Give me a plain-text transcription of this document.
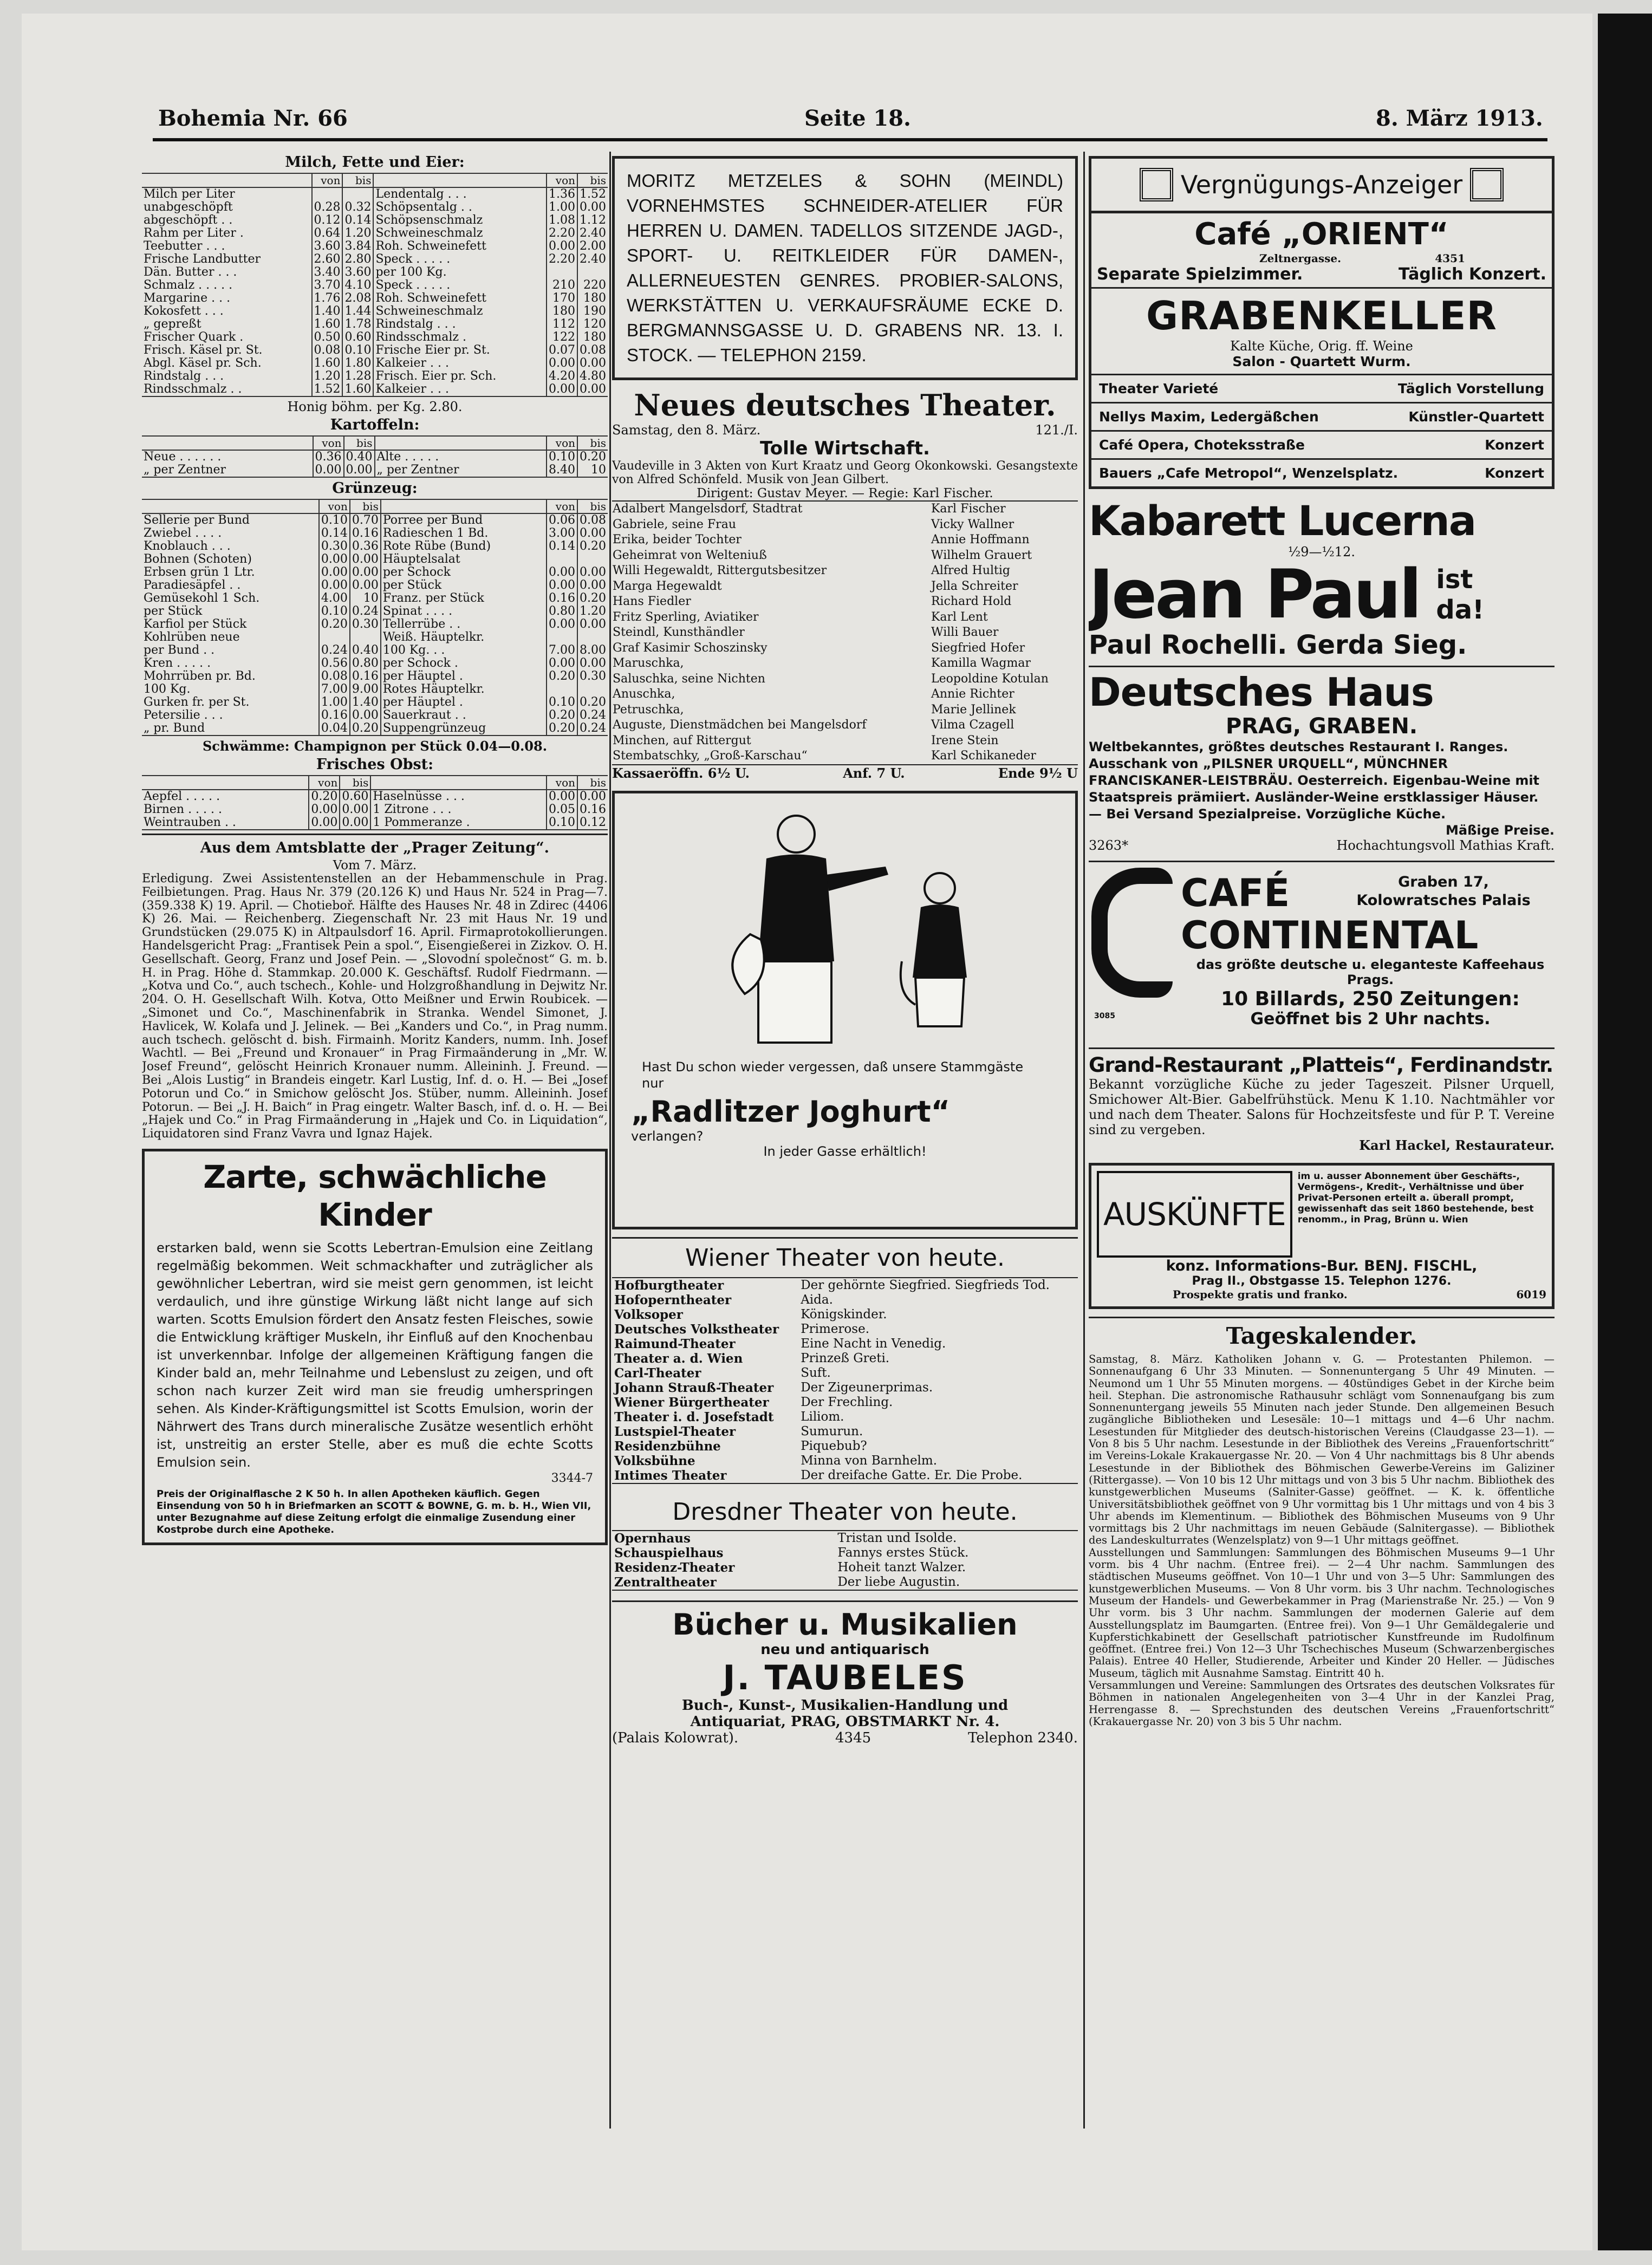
Bohemia Nr. 66	Seite 18.	8. März 1913.
Milch, Fette und Eier:
	von	bis		von	bis
Milch per Liter			Lendentalg . . .	1.36	1.52
unabgeschöpft	0.28	0.32	Schöpsentalg . .	1.00	0.00
abgeschöpft . .	0.12	0.14	Schöpsenschmalz	1.08	1.12
Rahm per Liter .	0.64	1.20	Schweineschmalz	2.20	2.40
Teebutter . . .	3.60	3.84	Roh. Schweinefett	0.00	2.00
Frische Landbutter	2.60	2.80	Speck . . . . .	2.20	2.40
Dän. Butter . . .	3.40	3.60	per 100 Kg.		
Schmalz . . . . .	3.70	4.10	Speck . . . . .	210	220
Margarine . . .	1.76	2.08	Roh. Schweinefett	170	180
Kokosfett . . .	1.40	1.44	Schweineschmalz	180	190
„ gepreßt	1.60	1.78	Rindstalg . . .	112	120
Frischer Quark .	0.50	0.60	Rindsschmalz .	122	180
Frisch. Käsel pr. St.	0.08	0.10	Frische Eier pr. St.	0.07	0.08
Abgl. Käsel pr. Sch.	1.60	1.80	Kalkeier . . .	0.00	0.00
Rindstalg . . .	1.20	1.28	Frisch. Eier pr. Sch.	4.20	4.80
Rindsschmalz . .	1.52	1.60	Kalkeier . . .	0.00	0.00
Honig böhm. per Kg. 2.80.
Kartoffeln:
	von	bis		von	bis
Neue . . . . . .	0.36	0.40	Alte . . . . .	0.10	0.20
„ per Zentner	0.00	0.00	„ per Zentner	8.40	10
Grünzeug:
	von	bis		von	bis
Sellerie per Bund	0.10	0.70	Porree per Bund	0.06	0.08
Zwiebel . . . .	0.14	0.16	Radieschen 1 Bd.	3.00	0.00
Knoblauch . . .	0.30	0.36	Rote Rübe (Bund)	0.14	0.20
Bohnen (Schoten)	0.00	0.00	Häuptelsalat		
Erbsen grün 1 Ltr.	0.00	0.00	per Schock	0.00	0.00
Paradiesäpfel . .	0.00	0.00	per Stück	0.00	0.00
Gemüsekohl 1 Sch.	4.00	10	Franz. per Stück	0.16	0.20
per Stück	0.10	0.24	Spinat . . . .	0.80	1.20
Karfiol per Stück	0.20	0.30	Tellerrübe . .	0.00	0.00
Kohlrüben neue			Weiß. Häuptelkr.		
per Bund . .	0.24	0.40	100 Kg. . .	7.00	8.00
Kren . . . . .	0.56	0.80	per Schock .	0.00	0.00
Mohrrüben pr. Bd.	0.08	0.16	per Häuptel .	0.20	0.30
100 Kg.	7.00	9.00	Rotes Häuptelkr.		
Gurken fr. per St.	1.00	1.40	per Häuptel .	0.10	0.20
Petersilie . . .	0.16	0.00	Sauerkraut . .	0.20	0.24
„ pr. Bund	0.04	0.20	Suppengrünzeug	0.20	0.24
Schwämme: Champignon per Stück 0.04—0.08.
Frisches Obst:
	von	bis		von	bis
Aepfel . . . . .	0.20	0.60	Haselnüsse . . .	0.00	0.00
Birnen . . . . .	0.00	0.00	1 Zitrone . . .	0.05	0.16
Weintrauben . .	0.00	0.00	1 Pommeranze .	0.10	0.12
Aus dem Amtsblatte der „Prager Zeitung“.
Vom 7. März.
Erledigung. Zwei Assistentenstellen an der Hebammenschule in Prag. Feilbietungen. Prag. Haus Nr. 379 (20.126 K) und Haus Nr. 524 in Prag—7. (359.338 K) 19. April. — Chotieboř. Hälfte des Hauses Nr. 48 in Zdirec (4406 K) 26. Mai. — Reichenberg. Ziegenschaft Nr. 23 mit Haus Nr. 19 und Grundstücken (29.075 K) in Altpaulsdorf 16. April. Firmaprotokollierungen. Handelsgericht Prag: „Frantisek Pein a spol.“, Eisengießerei in Zizkov. O. H. Gesellschaft. Georg, Franz und Josef Pein. — „Slovodní společnost“ G. m. b. H. in Prag. Höhe d. Stammkap. 20.000 K. Geschäftsf. Rudolf Fiedrmann. — „Kotva und Co.“, auch tschech., Kohle- und Holzgroßhandlung in Dejwitz Nr. 204. O. H. Gesellschaft Wilh. Kotva, Otto Meißner und Erwin Roubicek. — „Simonet und Co.“, Maschinenfabrik in Stranka. Wendel Simonet, J. Havlicek, W. Kolafa und J. Jelinek. — Bei „Kanders und Co.“, in Prag numm. auch tschech. gelöscht d. bish. Firmainh. Moritz Kanders, numm. Inh. Josef Wachtl. — Bei „Freund und Kronauer“ in Prag Firmaänderung in „Mr. W. Josef Freund“, gelöscht Heinrich Kronauer numm. Alleininh. J. Freund. — Bei „Alois Lustig“ in Brandeis eingetr. Karl Lustig, Inf. d. o. H. — Bei „Josef Potorun und Co.“ in Smichow gelöscht Jos. Stüber, numm. Alleininh. Josef Potorun. — Bei „J. H. Baich“ in Prag eingetr. Walter Basch, inf. d. o. H. — Bei „Hajek und Co.“ in Prag Firmaänderung in „Hajek und Co. in Liquidation“, Liquidatoren sind Franz Vavra und Ignaz Hajek.
Zarte, schwächliche Kinder
erstarken bald, wenn sie Scotts Lebertran-Emulsion eine Zeitlang regelmäßig bekommen. Weit schmackhafter und zuträglicher als gewöhnlicher Lebertran, wird sie meist gern genommen, ist leicht verdaulich, und ihre günstige Wirkung läßt nicht lange auf sich warten. Scotts Emulsion fördert den Ansatz festen Fleisches, sowie die Entwicklung kräftiger Muskeln, ihr Einfluß auf den Knochenbau ist unverkennbar. Infolge der allgemeinen Kräftigung fangen die Kinder bald an, mehr Teilnahme und Lebenslust zu zeigen, und oft schon nach kurzer Zeit wird man sie freudig umherspringen sehen. Als Kinder-Kräftigungsmittel ist Scotts Emulsion, worin der Nährwert des Trans durch mineralische Zusätze wesentlich erhöht ist, unstreitig an erster Stelle, aber es muß die echte Scotts Emulsion sein.
3344-7
Preis der Originalflasche 2 K 50 h. In allen Apotheken käuflich. Gegen Einsendung von 50 h in Briefmarken an SCOTT & BOWNE, G. m. b. H., Wien VII, unter Bezugnahme auf diese Zeitung erfolgt die einmalige Zusendung einer Kostprobe durch eine Apotheke.
MORITZ METZELES & SOHN (MEINDL) VORNEHMSTES SCHNEIDER-ATELIER FÜR HERREN U. DAMEN. TADELLOS SITZENDE JAGD-, SPORT- U. REITKLEIDER FÜR DAMEN-, ALLERNEUESTEN GENRES. PROBIER-SALONS, WERKSTÄTTEN U. VERKAUFSRÄUME ECKE D. BERGMANNSGASSE U. D. GRABENS NR. 13. I. STOCK. — TELEPHON 2159.
Neues deutsches Theater.
Samstag, den 8. März.	121./I.
Tolle Wirtschaft.
Vaudeville in 3 Akten von Kurt Kraatz und Georg Okonkowski. Gesangstexte von Alfred Schönfeld. Musik von Jean Gilbert.
Dirigent: Gustav Meyer. — Regie: Karl Fischer.
Adalbert Mangelsdorf, Stadtrat	Karl Fischer
Gabriele, seine Frau	Vicky Wallner
Erika, beider Tochter	Annie Hoffmann
Geheimrat von Welteniuß	Wilhelm Grauert
Willi Hegewaldt, Rittergutsbesitzer	Alfred Hultig
Marga Hegewaldt	Jella Schreiter
Hans Fiedler	Richard Hold
Fritz Sperling, Aviatiker	Karl Lent
Steindl, Kunsthändler	Willi Bauer
Graf Kasimir Schoszinsky	Siegfried Hofer
Maruschka,	Kamilla Wagmar
Saluschka, seine Nichten	Leopoldine Kotulan
Anuschka,	Annie Richter
Petruschka,	Marie Jellinek
Auguste, Dienstmädchen bei Mangelsdorf	Vilma Czagell
Minchen, auf Rittergut	Irene Stein
Stembatschky, „Groß-Karschau“	Karl Schikaneder
Kassaeröffn. 6½ U.	Anf. 7 U.	Ende 9½ U
Hast Du schon wieder vergessen, daß unsere Stammgäste nur
„Radlitzer Joghurt“
verlangen?
In jeder Gasse erhältlich!
Wiener Theater von heute.
Hofburgtheater	Der gehörnte Siegfried. Siegfrieds Tod.
Hofoperntheater	Aida.
Volksoper	Königskinder.
Deutsches Volkstheater	Primerose.
Raimund-Theater	Eine Nacht in Venedig.
Theater a. d. Wien	Prinzeß Greti.
Carl-Theater	Suft.
Johann Strauß-Theater	Der Zigeunerprimas.
Wiener Bürgertheater	Der Frechling.
Theater i. d. Josefstadt	Liliom.
Lustspiel-Theater	Sumurun.
Residenzbühne	Piquebub?
Volksbühne	Minna von Barnhelm.
Intimes Theater	Der dreifache Gatte. Er. Die Probe.
Dresdner Theater von heute.
Opernhaus	Tristan und Isolde.
Schauspielhaus	Fannys erstes Stück.
Residenz-Theater	Hoheit tanzt Walzer.
Zentraltheater	Der liebe Augustin.
Bücher u. Musikalien
neu und antiquarisch
J. TAUBELES
Buch-, Kunst-, Musikalien-Handlung und
Antiquariat, PRAG, OBSTMARKT Nr. 4.
(Palais Kolowrat).	4345	Telephon 2340.
Vergnügungs-Anzeiger
Café „ORIENT“
Zeltnergasse.	4351
Separate Spielzimmer.	Täglich Konzert.
GRABENKELLER
Kalte Küche, Orig. ff. Weine
Salon - Quartett Wurm.
Theater Varieté	Täglich Vorstellung
Nellys Maxim, Ledergäßchen	Künstler-Quartett
Café Opera, Choteksstraße	Konzert
Bauers „Cafe Metropol“, Wenzelsplatz.	Konzert
Kabarett Lucerna
½9—½12.
Jean Paul ist
da!
Paul Rochelli. Gerda Sieg.
Deutsches Haus
PRAG, GRABEN.
Weltbekanntes, größtes deutsches Restaurant I. Ranges. Ausschank von „PILSNER URQUELL“, MÜNCHNER FRANCISKANER-LEISTBRÄU. Oesterreich. Eigenbau-Weine mit Staatspreis prämiiert. Ausländer-Weine erstklassiger Häuser. — Bei Versand Spezialpreise. Vorzügliche Küche.
Mäßige Preise.
3263*	Hochachtungsvoll Mathias Kraft.
CAFÉ CONTINENTAL
Graben 17, Kolowratsches Palais
das größte deutsche u. eleganteste Kaffeehaus Prags.
10 Billards, 250 Zeitungen:
3085	Geöffnet bis 2 Uhr nachts.
Grand-Restaurant „Platteis“, Ferdinandstr.
Bekannt vorzügliche Küche zu jeder Tageszeit. Pilsner Urquell, Smichower Alt-Bier. Gabelfrühstück. Menu K 1.10. Nachtmähler vor und nach dem Theater. Salons für Hochzeitsfeste und für P. T. Vereine sind zu vergeben.
Karl Hackel, Restaurateur.
AUSKÜNFTE
im u. ausser Abonnement über Geschäfts-, Vermögens-, Kredit-, Verhältnisse und über Privat-Personen erteilt a. überall prompt, gewissenhaft das seit 1860 bestehende, best renomm., in Prag, Brünn u. Wien
konz. Informations-Bur. BENJ. FISCHL,
Prag II., Obstgasse 15. Telephon 1276.
Prospekte gratis und franko.	6019
Tageskalender.
Samstag, 8. März. Katholiken Johann v. G. — Protestanten Philemon. — Sonnenaufgang 6 Uhr 33 Minuten. — Sonnenuntergang 5 Uhr 49 Minuten. — Neumond um 1 Uhr 55 Minuten morgens. — 40stündiges Gebet in der Kirche beim heil. Stephan. Die astronomische Rathausuhr schlägt vom Sonnenaufgang bis zum Sonnenuntergang jeweils 55 Minuten nach jeder Stunde. Den allgemeinen Besuch zugängliche Bibliotheken und Lesesäle: 10—1 mittags und 4—6 Uhr nachm. Lesestunden für Mitglieder des deutsch-historischen Vereins (Claudgasse 23—1). — Von 8 bis 5 Uhr nachm. Lesestunde in der Bibliothek des Vereins „Frauenfortschritt“ im Vereins-Lokale Krakauergasse Nr. 20. — Von 4 Uhr nachmittags bis 8 Uhr abends Lesestunde in der Bibliothek des Böhmischen Gewerbe-Vereins im Galiziner (Rittergasse). — Von 10 bis 12 Uhr mittags und von 3 bis 5 Uhr nachm. Bibliothek des kunstgewerblichen Museums (Salniter-Gasse) geöffnet. — K. k. öffentliche Universitätsbibliothek geöffnet von 9 Uhr vormittag bis 1 Uhr mittags und von 4 bis 3 Uhr abends im Klementinum. — Bibliothek des Böhmischen Museums von 9 Uhr vormittags bis 2 Uhr nachmittags im neuen Gebäude (Salnitergasse). — Bibliothek des Landeskulturrates (Wenzelsplatz) von 9—1 Uhr mittags geöffnet.
Ausstellungen und Sammlungen: Sammlungen des Böhmischen Museums 9—1 Uhr vorm. bis 4 Uhr nachm. (Entree frei). — 2—4 Uhr nachm. Sammlungen des städtischen Museums geöffnet. Von 10—1 Uhr und von 3—5 Uhr: Sammlungen des kunstgewerblichen Museums. — Von 8 Uhr vorm. bis 3 Uhr nachm. Technologisches Museum der Handels- und Gewerbekammer in Prag (Marienstraße Nr. 25.) — Von 9 Uhr vorm. bis 3 Uhr nachm. Sammlungen der modernen Galerie auf dem Ausstellungsplatz im Baumgarten. (Entree frei). Von 9—1 Uhr Gemäldegalerie und Kupferstichkabinett der Gesellschaft patriotischer Kunstfreunde im Rudolfinum geöffnet. (Entree frei.) Von 12—3 Uhr Tschechisches Museum (Schwarzenbergisches Palais). Entree 40 Heller, Studierende, Arbeiter und Kinder 20 Heller. — Jüdisches Museum, täglich mit Ausnahme Samstag. Eintritt 40 h.
Versammlungen und Vereine: Sammlungen des Ortsrates des deutschen Volksrates für Böhmen in nationalen Angelegenheiten von 3—4 Uhr in der Kanzlei Prag, Herrengasse 8. — Sprechstunden des deutschen Vereins „Frauenfortschritt“ (Krakauergasse Nr. 20) von 3 bis 5 Uhr nachm.
